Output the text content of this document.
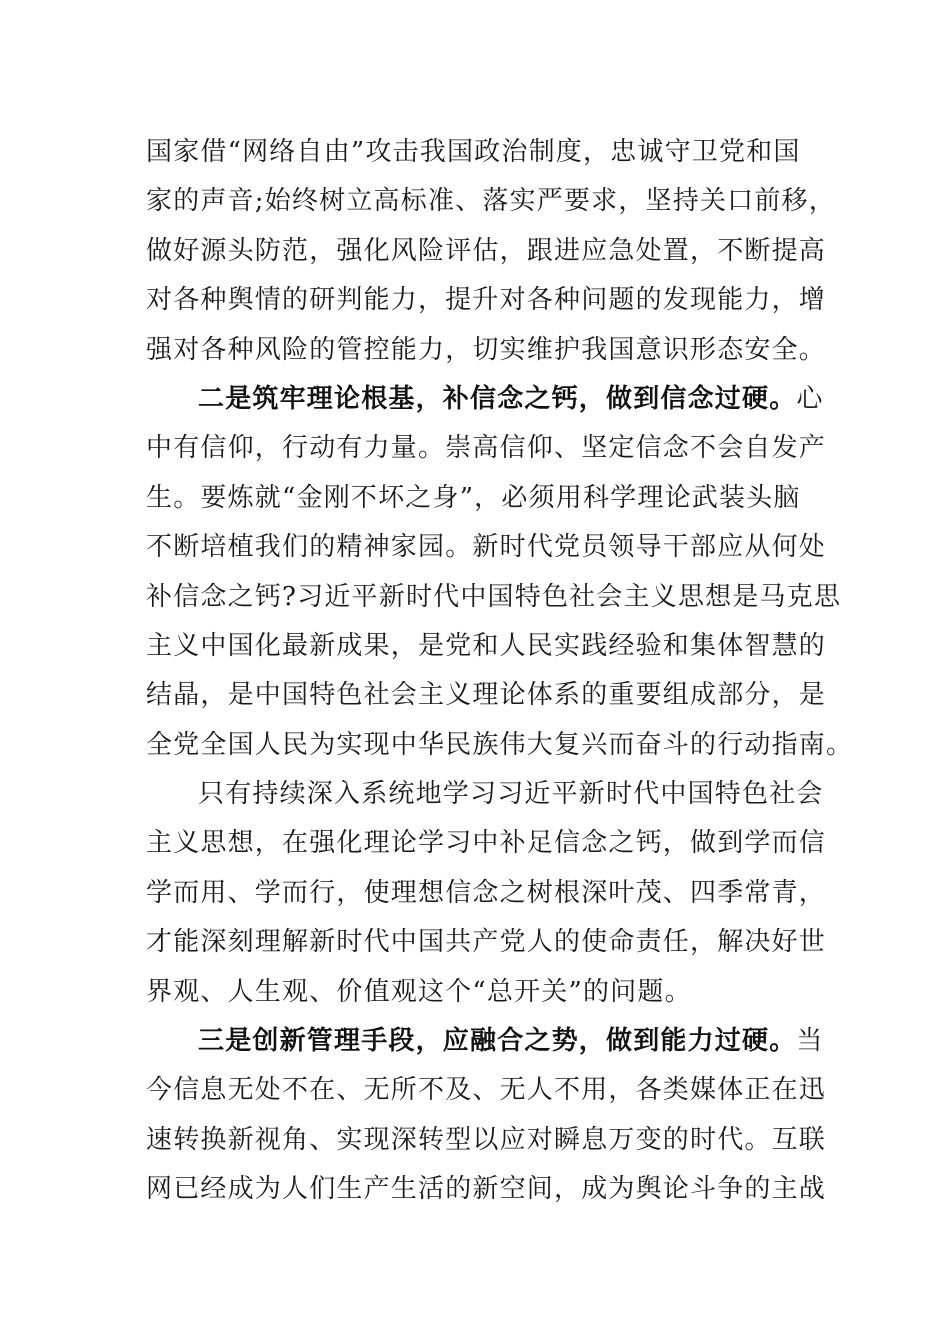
国家借“网络自由”攻击我国政治制度，忠诚守卫党和国
家的声音;始终树立高标准、落实严要求，坚持关口前移，
做好源头防范，强化风险评估，跟进应急处置，不断提高
对各种舆情的研判能力，提升对各种问题的发现能力，增
强对各种风险的管控能力，切实维护我国意识形态安全。
二是筑牢理论根基，补信念之钙，做到信念过硬。心
中有信仰，行动有力量。崇高信仰、坚定信念不会自发产
生。要炼就“金刚不坏之身”，必须用科学理论武装头脑
不断培植我们的精神家园。新时代党员领导干部应从何处
补信念之钙?习近平新时代中国特色社会主义思想是马克思
主义中国化最新成果，是党和人民实践经验和集体智慧的
结晶，是中国特色社会主义理论体系的重要组成部分，是
全党全国人民为实现中华民族伟大复兴而奋斗的行动指南。
只有持续深入系统地学习习近平新时代中国特色社会
主义思想，在强化理论学习中补足信念之钙，做到学而信
学而用、学而行，使理想信念之树根深叶茂、四季常青，
才能深刻理解新时代中国共产党人的使命责任，解决好世
界观、人生观、价值观这个“总开关”的问题。
三是创新管理手段，应融合之势，做到能力过硬。当
今信息无处不在、无所不及、无人不用，各类媒体正在迅
速转换新视角、实现深转型以应对瞬息万变的时代。互联
网已经成为人们生产生活的新空间，成为舆论斗争的主战
